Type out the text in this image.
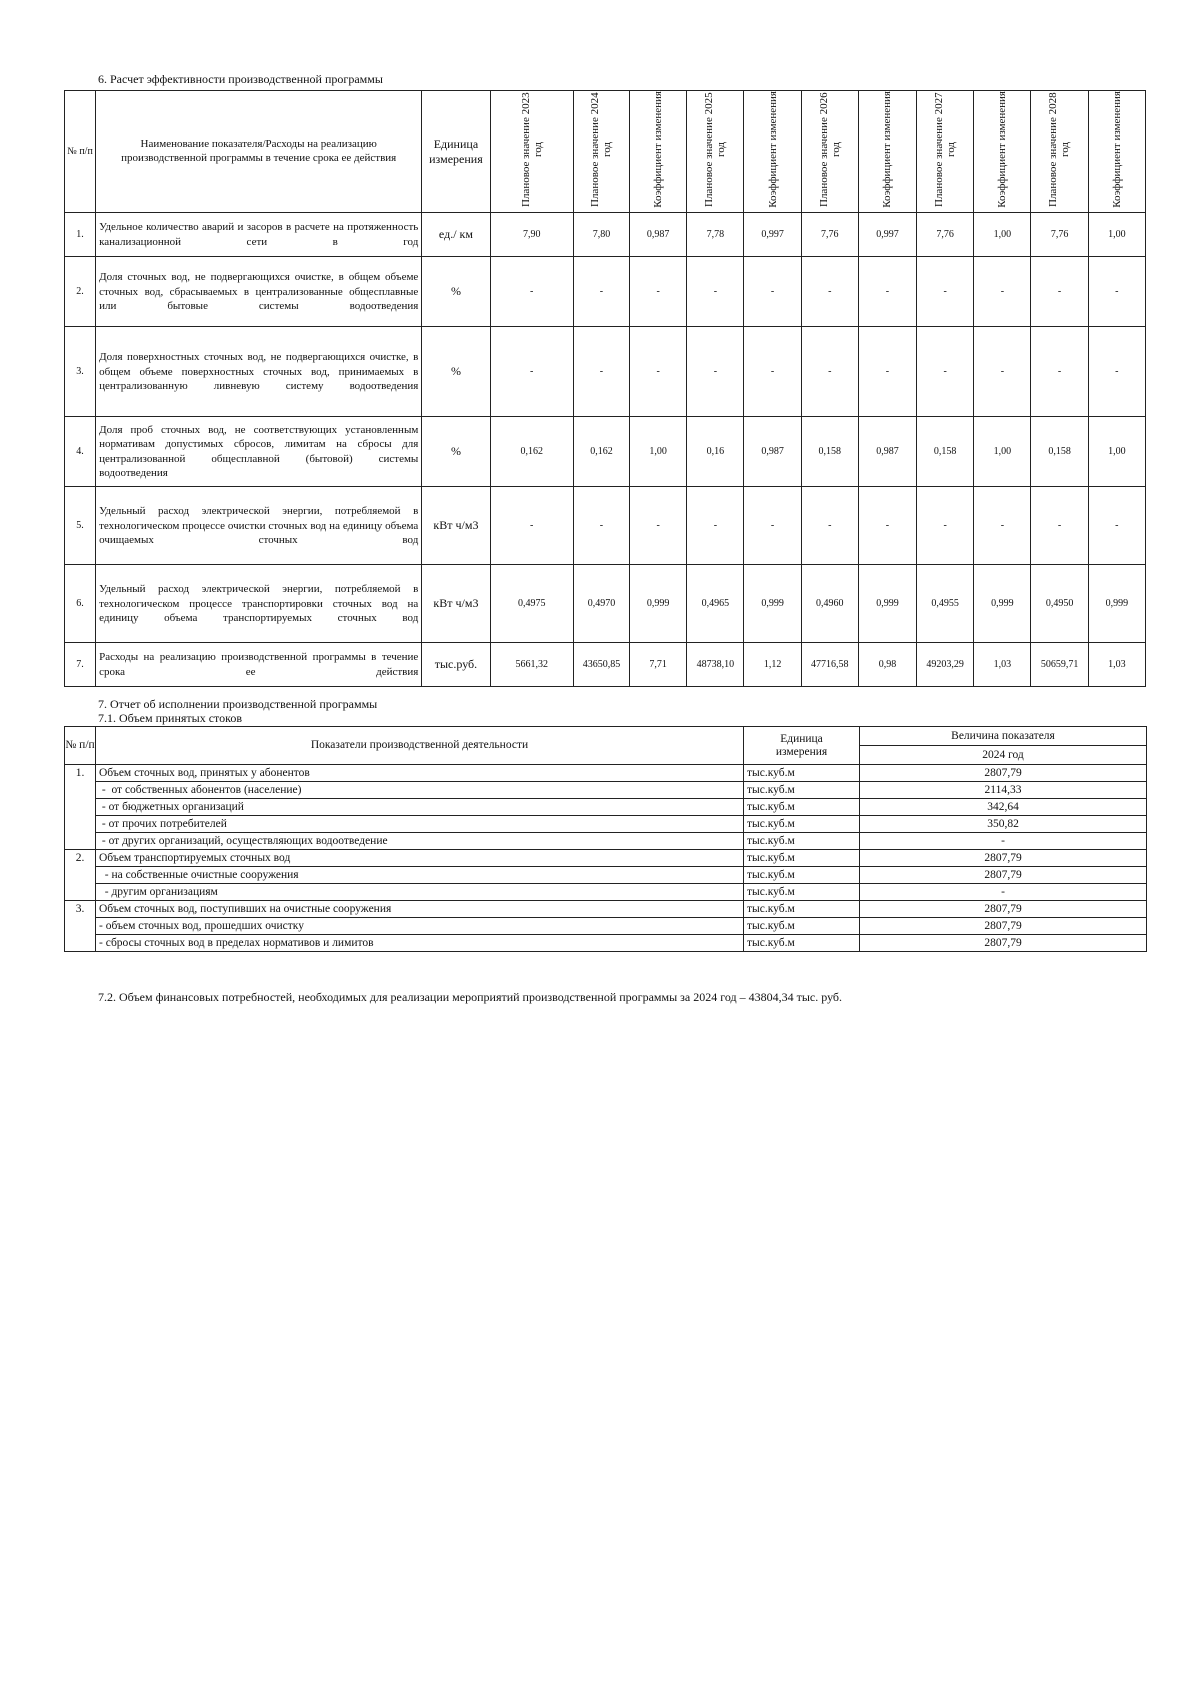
6. Расчет эффективности производственной программы
№ п/п	Наименование показателя/Расходы на реализацию производственной программы в течение срока ее действия	Единица измерения	Плановое значение 2023 год	Плановое значение 2024 год	Коэффициент изменения	Плановое значение 2025 год	Коэффициент изменения	Плановое значение 2026 год	Коэффициент изменения	Плановое значение 2027 год	Коэффициент изменения	Плановое значение 2028 год	Коэффициент изменения
1.	Удельное количество аварий и засоров в расчете на протяженность канализационной сети в год	ед./ км	7,90	7,80	0,987	7,78	0,997	7,76	0,997	7,76	1,00	7,76	1,00
2.	Доля сточных вод, не подвергающихся очистке, в общем объеме сточных вод, сбрасываемых в централизованные общесплавные или бытовые системы водоотведения	%	-	-	-	-	-	-	-	-	-	-	-
3.	Доля поверхностных сточных вод, не подвергающихся очистке, в общем объеме поверхностных сточных вод, принимаемых в централизованную ливневую систему водоотведения	%	-	-	-	-	-	-	-	-	-	-	-
4.	Доля проб сточных вод, не соответствующих установленным нормативам допустимых сбросов, лимитам на сбросы для централизованной общесплавной (бытовой) системы водоотведения	%	0,162	0,162	1,00	0,16	0,987	0,158	0,987	0,158	1,00	0,158	1,00
5.	Удельный расход электрической энергии, потребляемой в технологическом процессе очистки сточных вод на единицу объема очищаемых сточных вод	кВт ч/м3	-	-	-	-	-	-	-	-	-	-	-
6.	Удельный расход электрической энергии, потребляемой в технологическом процессе транспортировки сточных вод на единицу объема транспортируемых сточных вод	кВт ч/м3	0,4975	0,4970	0,999	0,4965	0,999	0,4960	0,999	0,4955	0,999	0,4950	0,999
7.	Расходы на реализацию производственной программы в течение срока ее действия	тыс.руб.	5661,32	43650,85	7,71	48738,10	1,12	47716,58	0,98	49203,29	1,03	50659,71	1,03
7. Отчет об исполнении производственной программы
7.1. Объем принятых стоков
№ п/п	Показатели производственной деятельности	Единица измерения	Величина показателя
			2024 год
1.	Объем сточных вод, принятых у абонентов	тыс.куб.м	2807,79
	-  от собственных абонентов (население)	тыс.куб.м	2114,33
	- от бюджетных организаций	тыс.куб.м	342,64
	- от прочих потребителей	тыс.куб.м	350,82
	- от других организаций, осуществляющих водоотведение	тыс.куб.м	-
2.	Объем транспортируемых сточных вод	тыс.куб.м	2807,79
	- на собственные очистные сооружения	тыс.куб.м	2807,79
	- другим организациям	тыс.куб.м	-
3.	Объем сточных вод, поступивших на очистные сооружения	тыс.куб.м	2807,79
	- объем сточных вод, прошедших очистку	тыс.куб.м	2807,79
	- сбросы сточных вод в пределах нормативов и лимитов	тыс.куб.м	2807,79
7.2. Объем финансовых потребностей, необходимых для реализации мероприятий производственной программы за 2024 год – 43804,34 тыс. руб.
